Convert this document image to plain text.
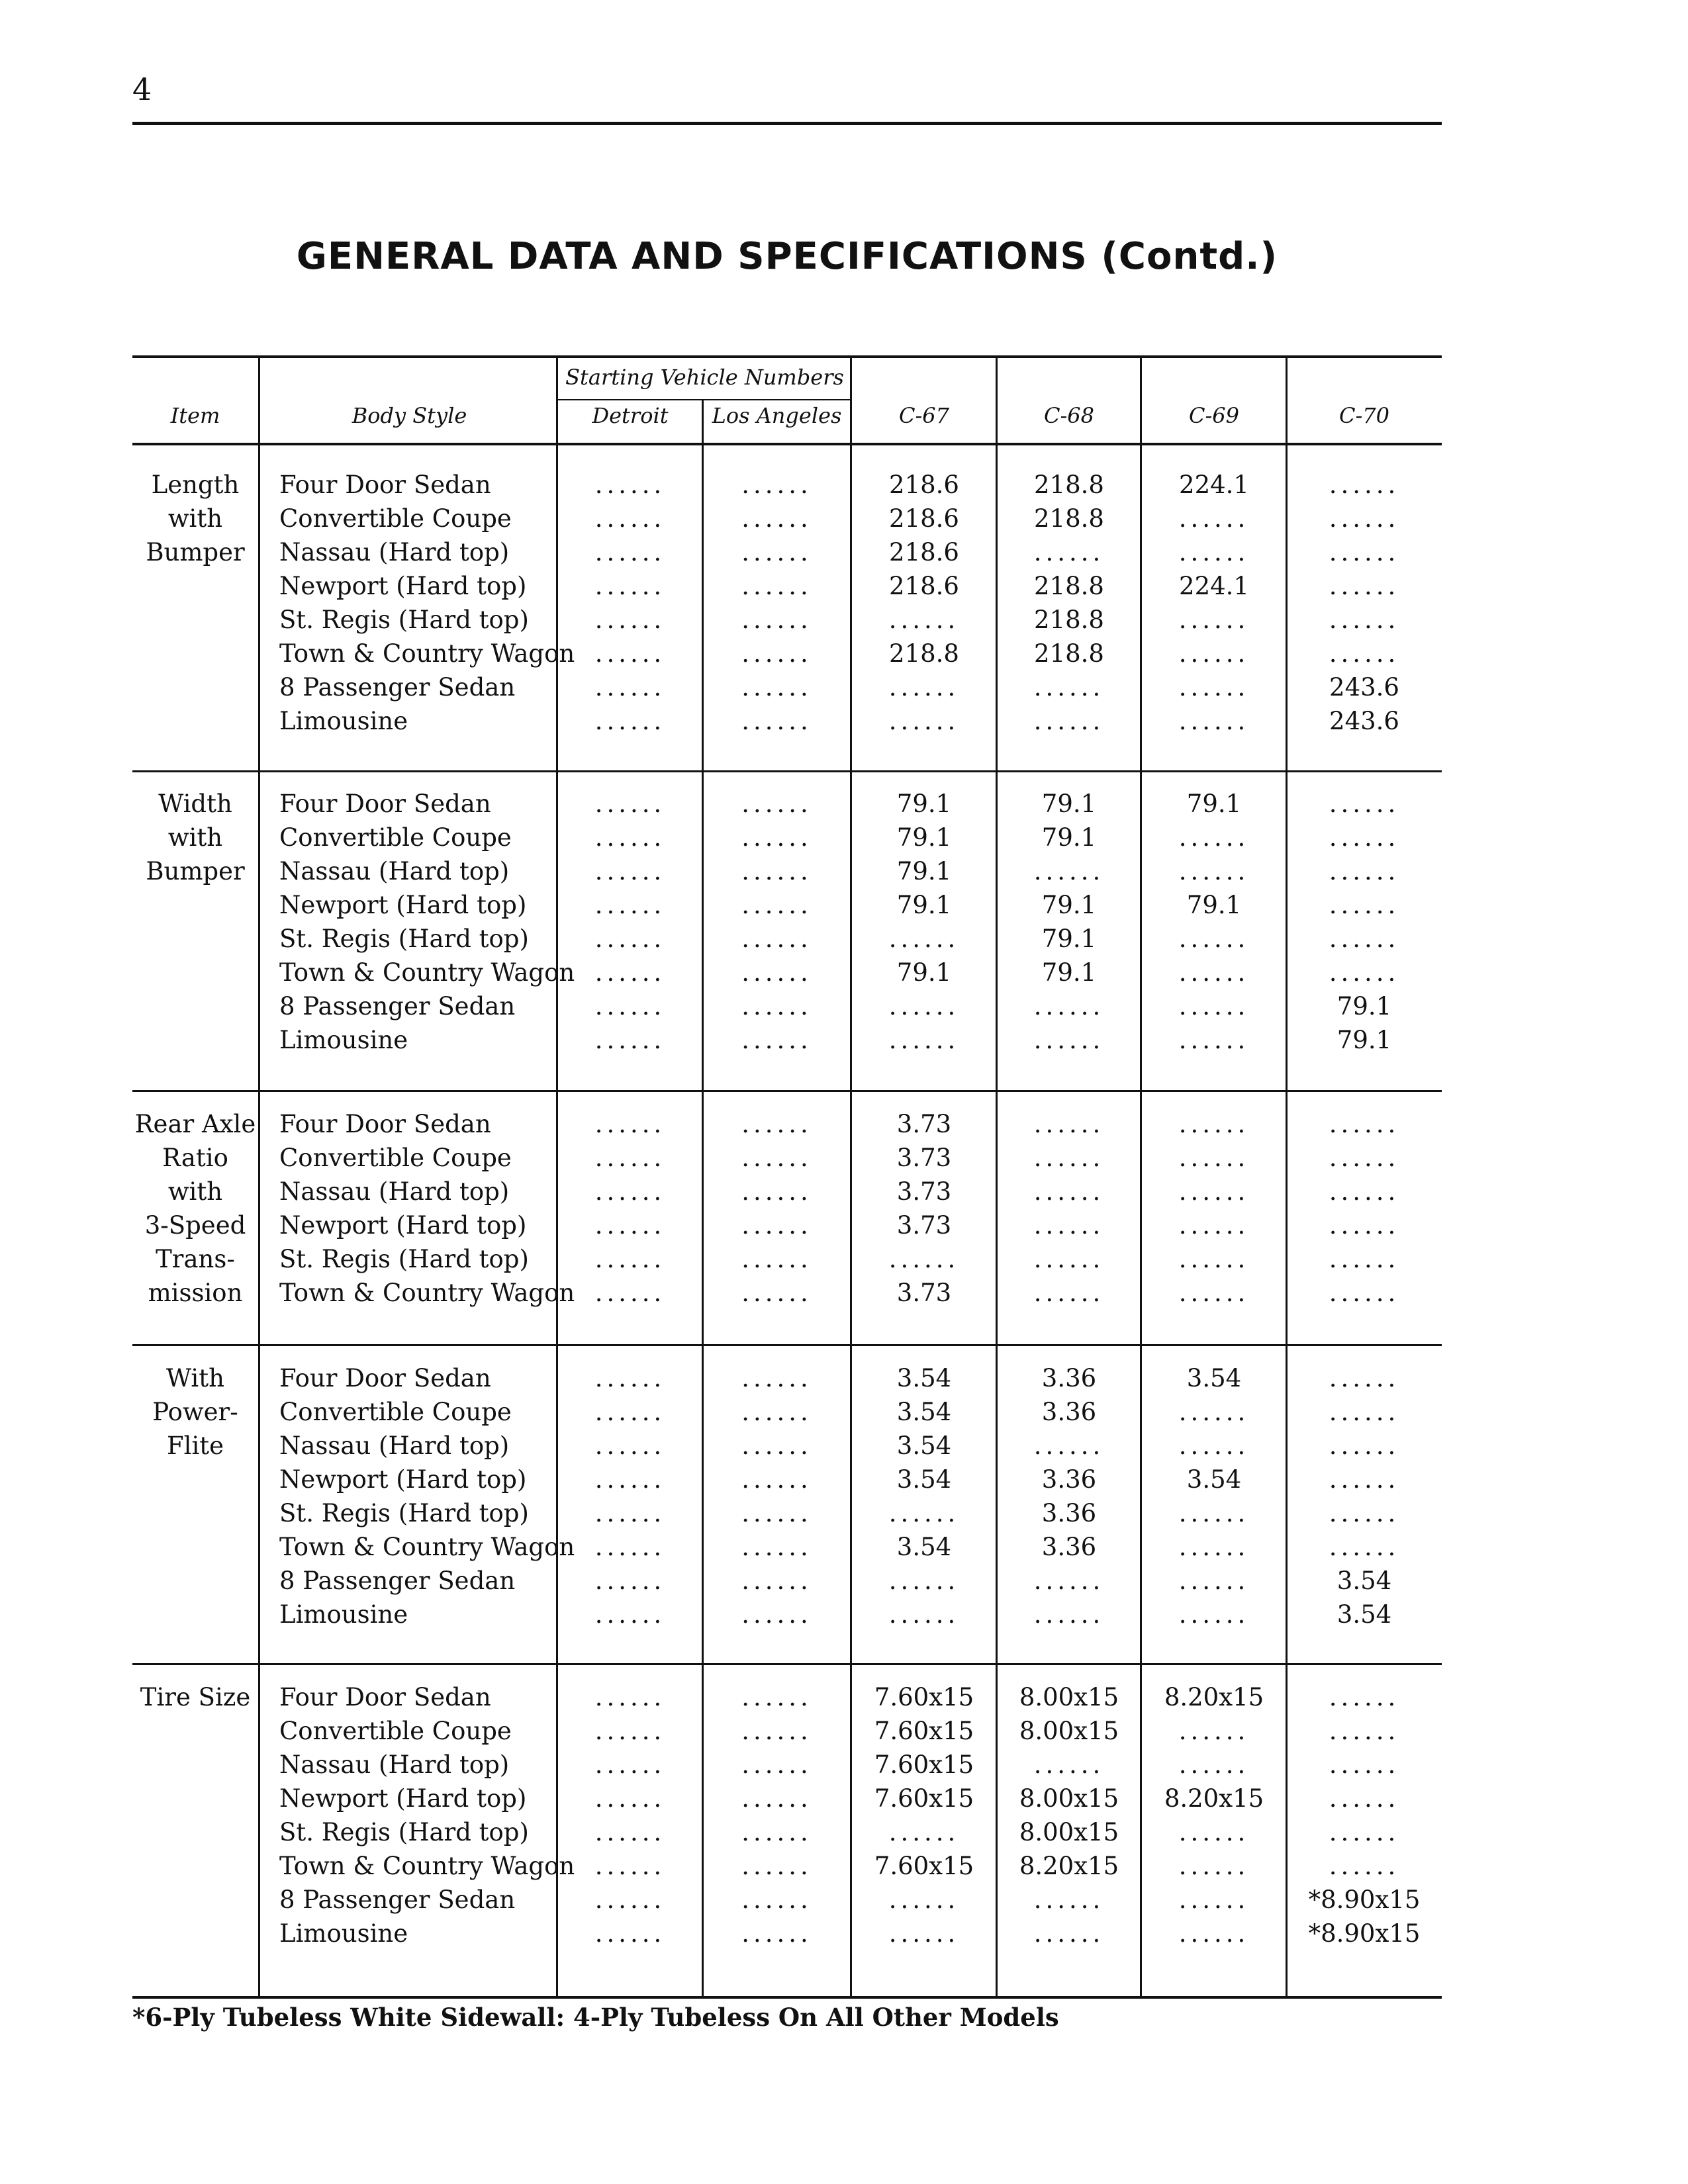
4
GENERAL DATA AND SPECIFICATIONS (Contd.)
Item	Body Style
Starting Vehicle Numbers
Detroit	Los Angeles	C-67	C-68	C-69	C-70
Length
with
Bumper
Four Door Sedan	......	......	218.6	218.8	224.1	......
Convertible Coupe	......	......	218.6	218.8	......	......
Nassau (Hard top)	......	......	218.6	......	......	......
Newport (Hard top)	......	......	218.6	218.8	224.1	......
St. Regis (Hard top)	......	......	......	218.8	......	......
Town & Country Wagon ......	......	218.8	218.8	......	......
8 Passenger Sedan	......	......	......	......	......	243.6
Limousine	......	......	......	......	......	243.6
Width
with
Bumper
Four Door Sedan	......	......	79.1	79.1	79.1	......
Convertible Coupe	......	......	79.1	79.1	......	......
Nassau (Hard top)	......	......	79.1	......	......	......
Newport (Hard top)	......	......	79.1	79.1	79.1	......
St. Regis (Hard top)	......	......	......	79.1	......	......
Town & Country Wagon ......	......	79.1	79.1	......	......
8 Passenger Sedan	......	......	......	......	......	79.1
Limousine	......	......	......	......	......	79.1
Rear Axle
Ratio
with
3-Speed
Trans-
mission
Four Door Sedan	......	......	3.73	......	......	......
Convertible Coupe	......	......	3.73	......	......	......
Nassau (Hard top)	......	......	3.73	......	......	......
Newport (Hard top)	......	......	3.73	......	......	......
St. Regis (Hard top)	......	......	......	......	......	......
Town & Country Wagon ......	......	3.73	......	......	......
With
Power-
Flite
Four Door Sedan	......	......	3.54	3.36	3.54	......
Convertible Coupe	......	......	3.54	3.36	......	......
Nassau (Hard top)	......	......	3.54	......	......	......
Newport (Hard top)	......	......	3.54	3.36	3.54	......
St. Regis (Hard top)	......	......	......	3.36	......	......
Town & Country Wagon ......	......	3.54	3.36	......	......
8 Passenger Sedan	......	......	......	......	......	3.54
Limousine	......	......	......	......	......	3.54
Tire Size	Four Door Sedan	......	......	7.60x15	8.00x15	8.20x15	......
Convertible Coupe	......	......	7.60x15	8.00x15	......	......
Nassau (Hard top)	......	......	7.60x15	......	......	......
Newport (Hard top)	......	......	7.60x15	8.00x15	8.20x15	......
St. Regis (Hard top)	......	......	......	8.00x15	......	......
Town & Country Wagon ......	......	7.60x15	8.20x15	......	......
8 Passenger Sedan	......	......	......	......	......	*8.90x15
Limousine	......	......	......	......	......	*8.90x15
*6-Ply Tubeless White Sidewall: 4-Ply Tubeless On All Other Models
